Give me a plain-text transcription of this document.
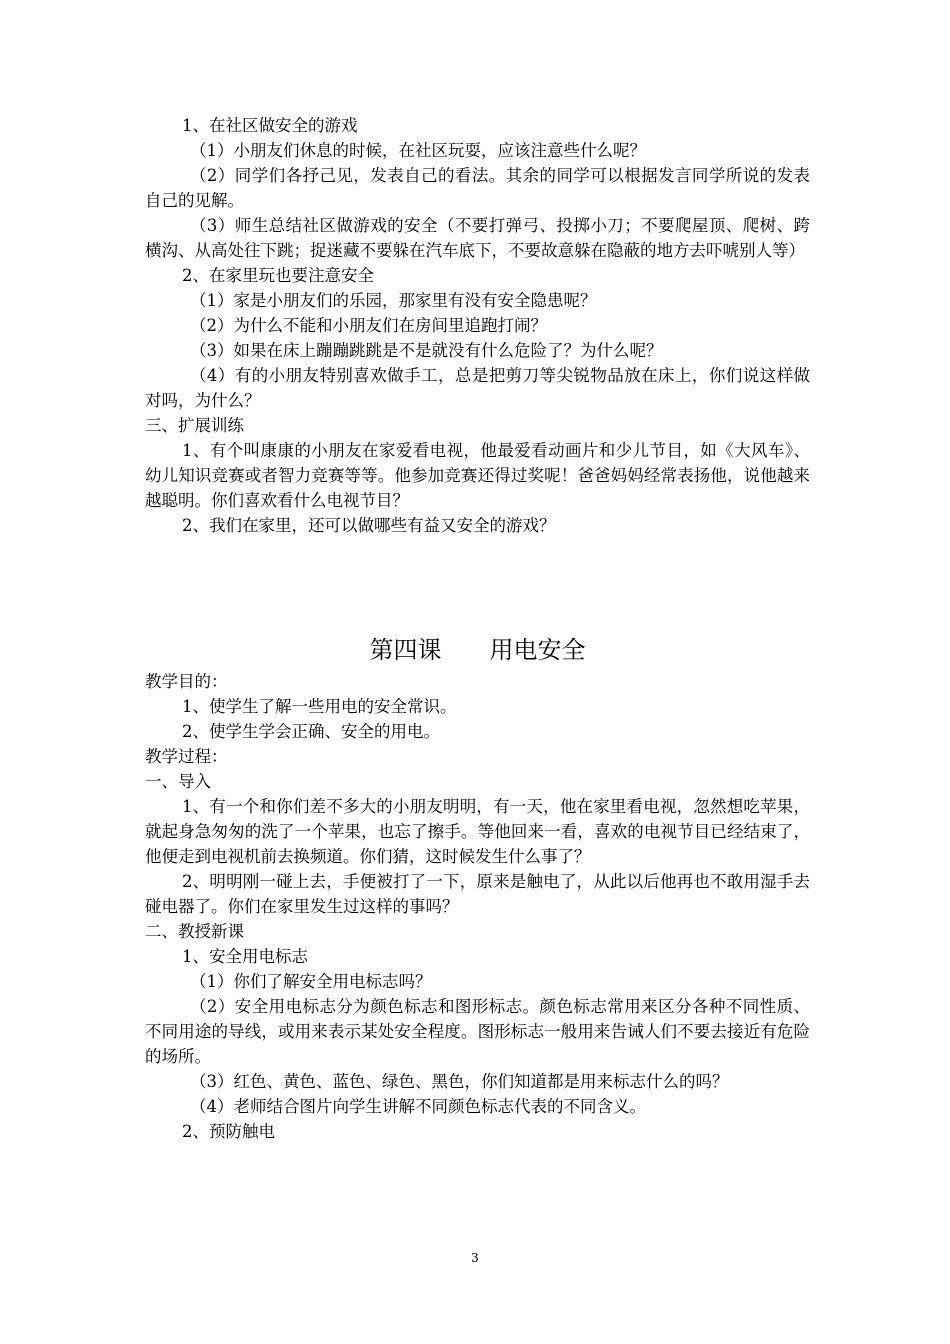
1、在社区做安全的游戏
（1）小朋友们休息的时候，在社区玩耍，应该注意些什么呢？
（2）同学们各抒己见，发表自己的看法。其余的同学可以根据发言同学所说的发表自己的见解。
（3）师生总结社区做游戏的安全（不要打弹弓、投掷小刀；不要爬屋顶、爬树、跨横沟、从高处往下跳；捉迷藏不要躲在汽车底下，不要故意躲在隐蔽的地方去吓唬别人等）
2、在家里玩也要注意安全
（1）家是小朋友们的乐园，那家里有没有安全隐患呢？
（2）为什么不能和小朋友们在房间里追跑打闹？
（3）如果在床上蹦蹦跳跳是不是就没有什么危险了？为什么呢？
（4）有的小朋友特别喜欢做手工，总是把剪刀等尖锐物品放在床上，你们说这样做对吗，为什么？
三、扩展训练
1、有个叫康康的小朋友在家爱看电视，他最爱看动画片和少儿节目，如《大风车》、幼儿知识竞赛或者智力竞赛等等。他参加竞赛还得过奖呢！爸爸妈妈经常表扬他，说他越来越聪明。你们喜欢看什么电视节目？
2、我们在家里，还可以做哪些有益又安全的游戏？
第四课　　用电安全
教学目的：
1、使学生了解一些用电的安全常识。
2、使学生学会正确、安全的用电。
教学过程：
一、导入
1、有一个和你们差不多大的小朋友明明，有一天，他在家里看电视，忽然想吃苹果，就起身急匆匆的洗了一个苹果，也忘了擦手。等他回来一看，喜欢的电视节目已经结束了，他便走到电视机前去换频道。你们猜，这时候发生什么事了？
2、明明刚一碰上去，手便被打了一下，原来是触电了，从此以后他再也不敢用湿手去碰电器了。你们在家里发生过这样的事吗？
二、教授新课
1、安全用电标志
（1）你们了解安全用电标志吗？
（2）安全用电标志分为颜色标志和图形标志。颜色标志常用来区分各种不同性质、不同用途的导线，或用来表示某处安全程度。图形标志一般用来告诫人们不要去接近有危险的场所。
（3）红色、黄色、蓝色、绿色、黑色，你们知道都是用来标志什么的吗？
（4）老师结合图片向学生讲解不同颜色标志代表的不同含义。
2、预防触电
3
